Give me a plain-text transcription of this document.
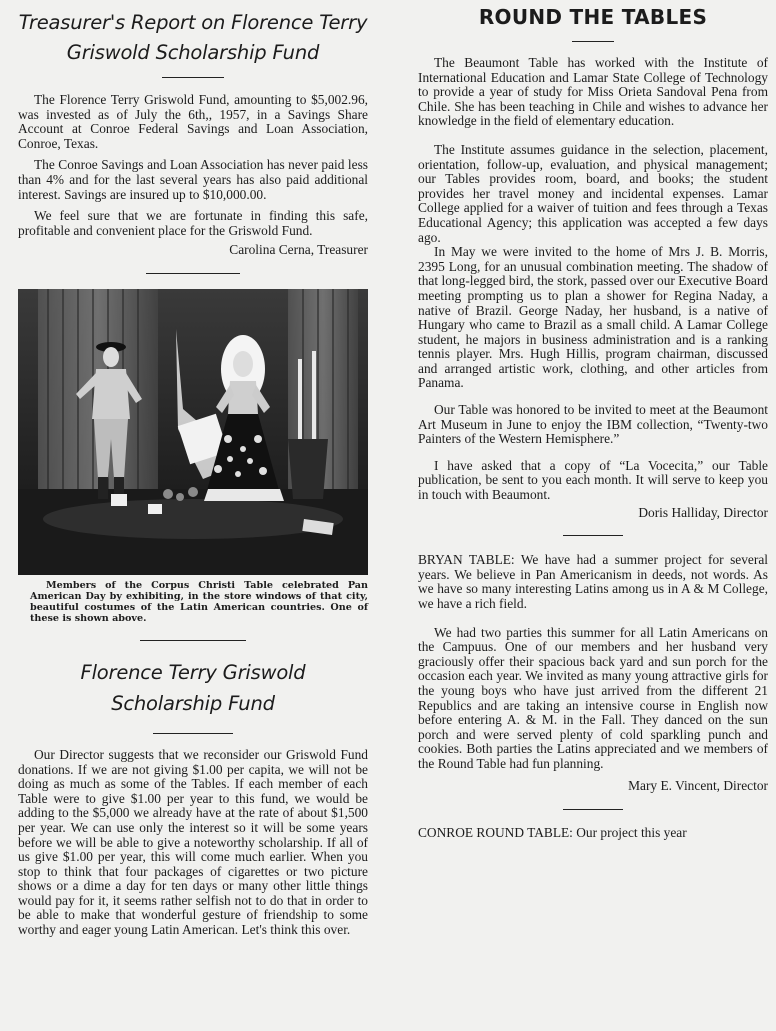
Treasurer's Report on Florence Terry
Griswold Scholarship Fund

The Florence Terry Griswold Fund, amounting to $5,002.96, was invested as of July the 6th,, 1957, in a Savings Share Account at Conroe Federal Savings and Loan Association, Conroe, Texas.

The Conroe Savings and Loan Association has never paid less than 4% and for the last several years has also paid additional interest. Savings are insured up to $10,000.00.

We feel sure that we are fortunate in finding this safe, profitable and convenient place for the Griswold Fund.

Carolina Cerna, Treasurer

Members of the Corpus Christi Table celebrated Pan American Day by exhibiting, in the store windows of that city, beautiful costumes of the Latin American countries. One of these is shown above.

Florence Terry Griswold
Scholarship Fund

Our Director suggests that we reconsider our Griswold Fund donations. If we are not giving $1.00 per capita, we will not be doing as much as some of the Tables. If each member of each Table were to give $1.00 per year to this fund, we would be adding to the $5,000 we already have at the rate of about $1,500 per year. We can use only the interest so it will be some years before we will be able to give a noteworthy scholarship. If all of us give $1.00 per year, this will come much earlier. When you stop to think that four packages of cigarettes or two picture shows or a dime a day for ten days or many other little things would pay for it, it seems rather selfish not to do that in order to be able to make that wonderful gesture of friendship to some worthy and eager young Latin American. Let's think this over.

ROUND THE TABLES

The Beaumont Table has worked with the Institute of International Education and Lamar State College of Technology to provide a year of study for Miss Orieta Sandoval Pena from Chile. She has been teaching in Chile and wishes to advance her knowledge in the field of elementary education.

The Institute assumes guidance in the selection, placement, orientation, follow-up, evaluation, and physical management; our Tables provides room, board, and books; the student provides her travel money and incidental expenses. Lamar College applied for a waiver of tuition and fees through a Texas Educational Agency; this application was accepted a few days ago.

In May we were invited to the home of Mrs J. B. Morris, 2395 Long, for an unusual combination meeting. The shadow of that long-legged bird, the stork, passed over our Executive Board meeting prompting us to plan a shower for Regina Naday, a native of Brazil. George Naday, her husband, is a native of Hungary who came to Brazil as a small child. A Lamar College student, he majors in business administration and is a ranking tennis player. Mrs. Hugh Hillis, program chairman, discussed and arranged artistic work, clothing, and other articles from Panama.

Our Table was honored to be invited to meet at the Beaumont Art Museum in June to enjoy the IBM collection, “Twenty-two Painters of the Western Hemisphere.”

I have asked that a copy of “La Vocecita,” our Table publication, be sent to you each month. It will serve to keep you in touch with Beaumont.

Doris Halliday, Director

BRYAN TABLE: We have had a summer project for several years. We believe in Pan Americanism in deeds, not words. As we have so many interesting Latins among us in A & M College, we have a rich field.

We had two parties this summer for all Latin Americans on the Campuus. One of our members and her husband very graciously offer their spacious back yard and sun porch for the occasion each year. We invited as many young attractive girls for the young boys who have just arrived from the different 21 Republics and are taking an intensive course in English now before entering A. & M. in the Fall. They danced on the sun porch and were served plenty of cold sparkling punch and cookies. Both parties the Latins appreciated and we members of the Round Table had fun planning.

Mary E. Vincent, Director

CONROE ROUND TABLE: Our project this year
